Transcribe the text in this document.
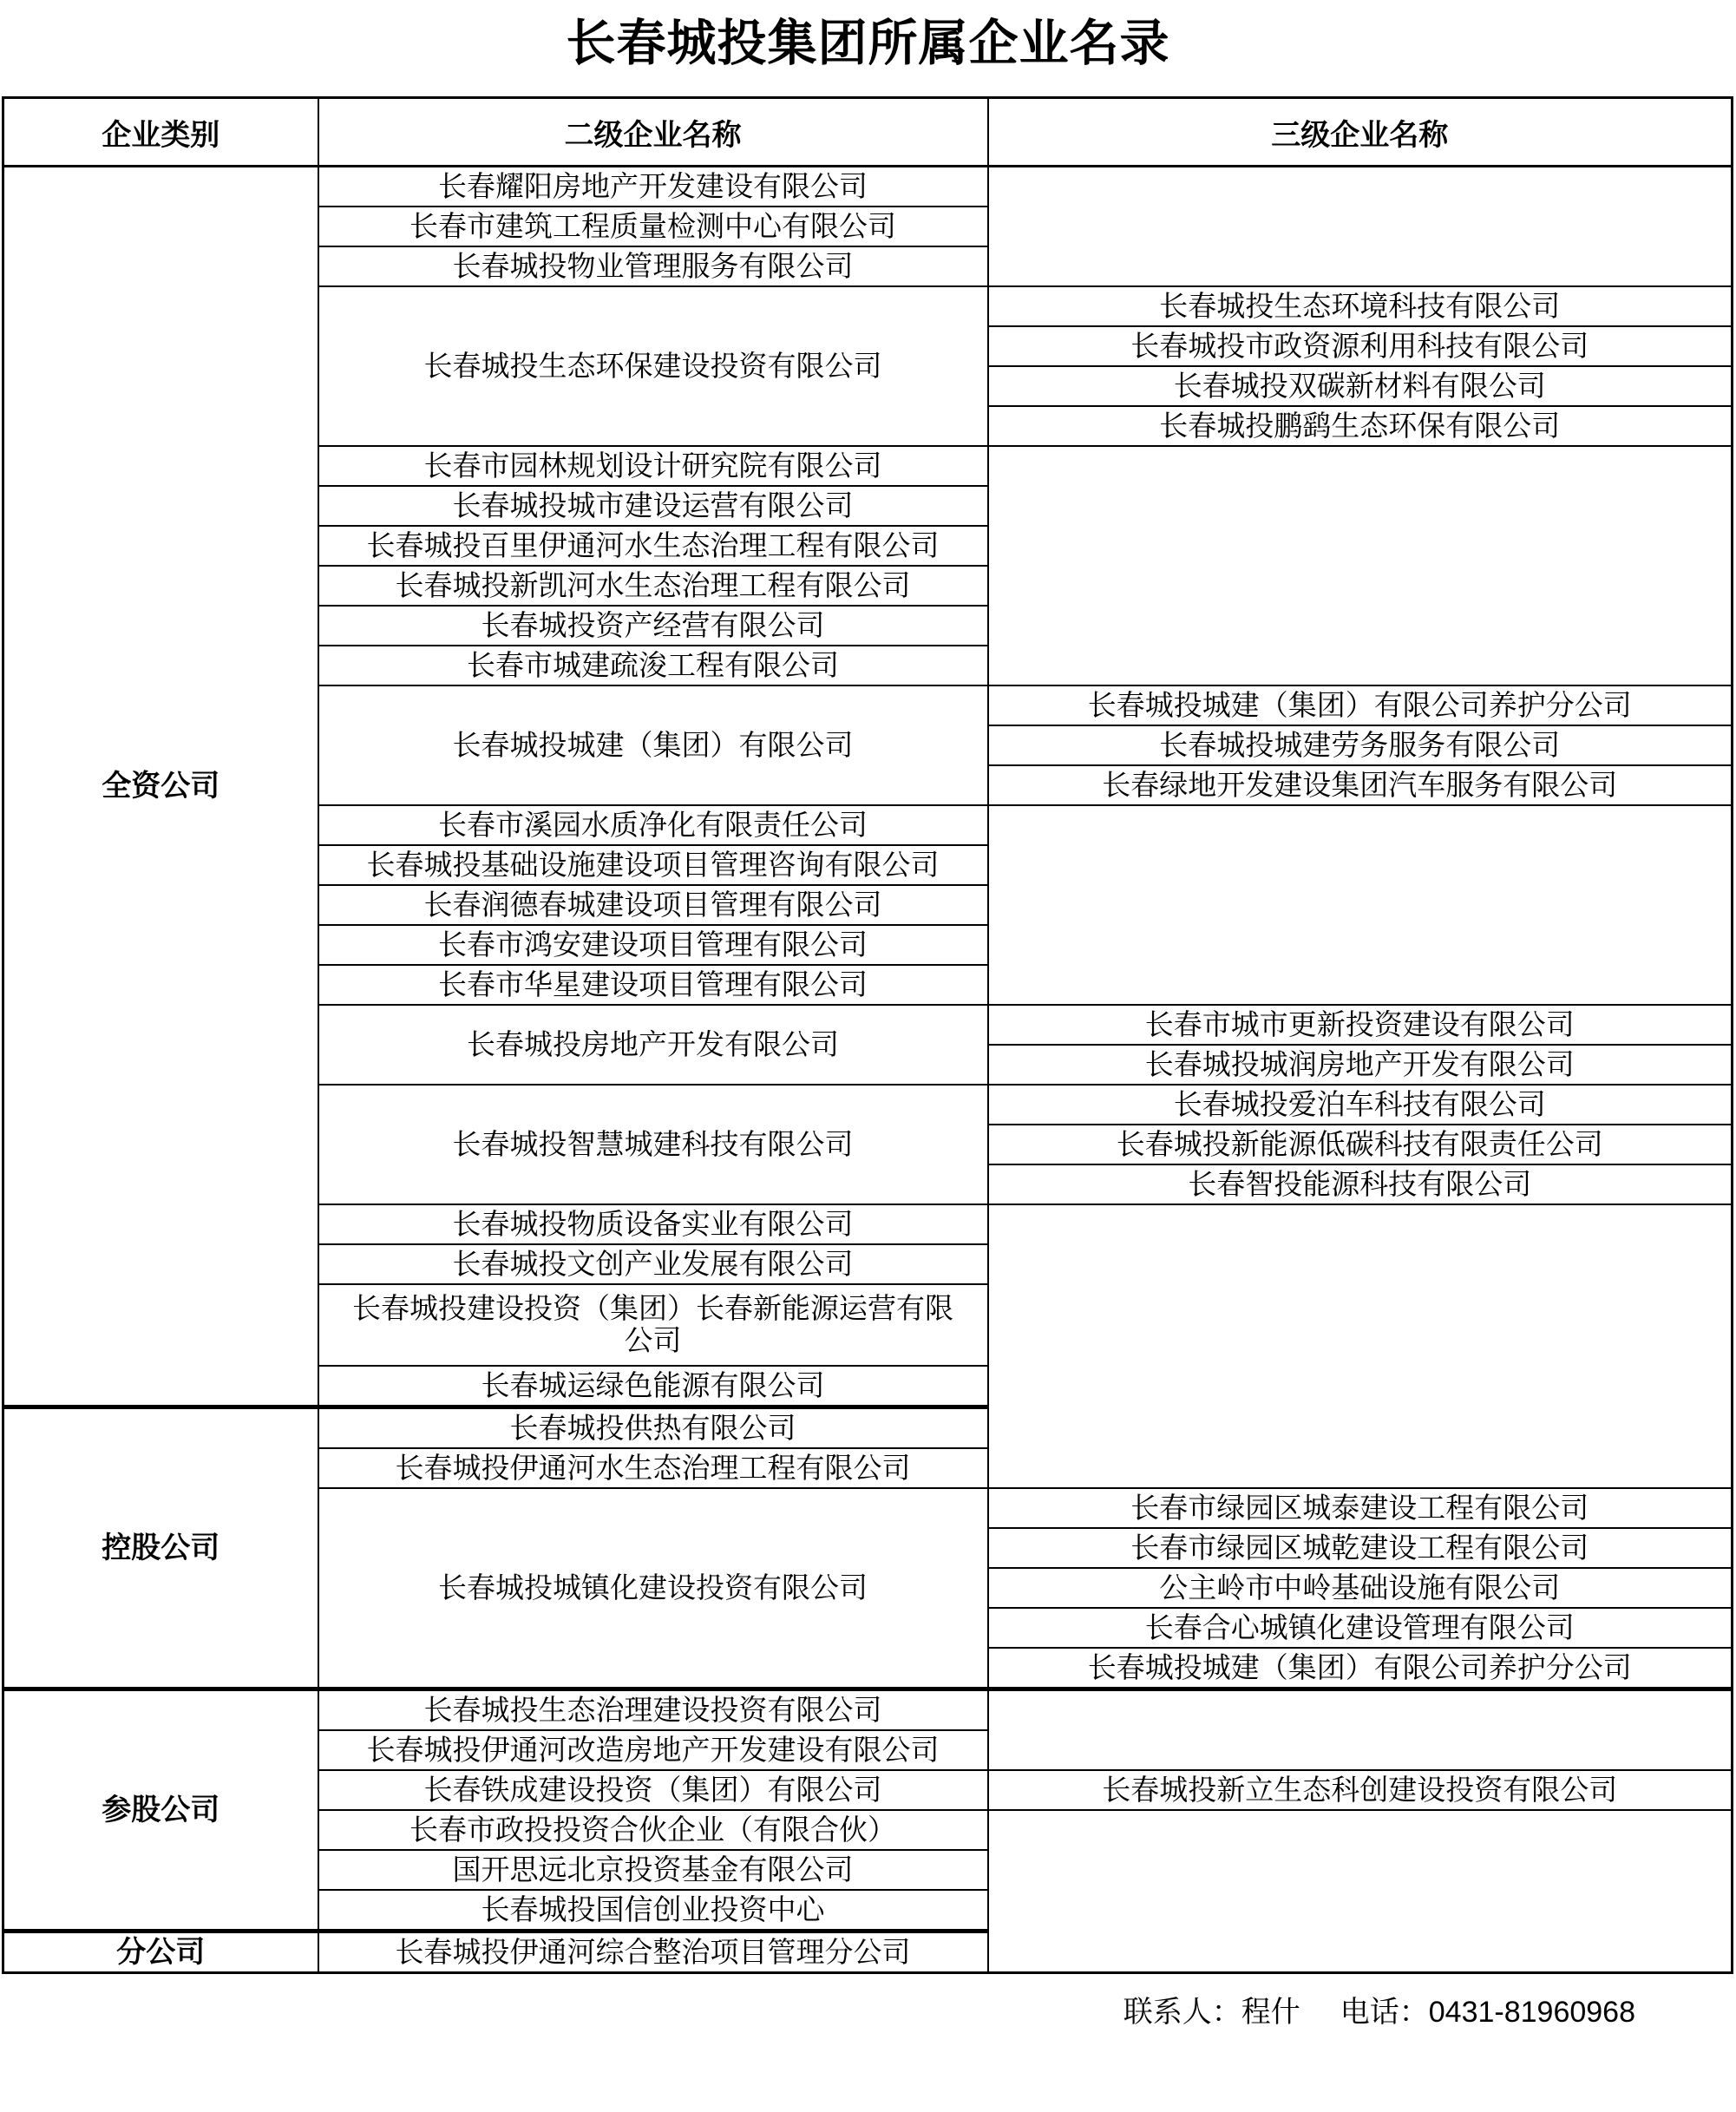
长春城投集团所属企业名录
企业类别	二级企业名称	三级企业名称
全资公司	长春耀阳房地产开发建设有限公司	
	长春市建筑工程质量检测中心有限公司	
	长春城投物业管理服务有限公司	
	长春城投生态环保建设投资有限公司	长春城投生态环境科技有限公司
		长春城投市政资源利用科技有限公司
		长春城投双碳新材料有限公司
		长春城投鹏鹞生态环保有限公司
	长春市园林规划设计研究院有限公司	
	长春城投城市建设运营有限公司	
	长春城投百里伊通河水生态治理工程有限公司	
	长春城投新凯河水生态治理工程有限公司	
	长春城投资产经营有限公司	
	长春市城建疏浚工程有限公司	
	长春城投城建（集团）有限公司	长春城投城建（集团）有限公司养护分公司
		长春城投城建劳务服务有限公司
		长春绿地开发建设集团汽车服务有限公司
	长春市溪园水质净化有限责任公司	
	长春城投基础设施建设项目管理咨询有限公司	
	长春润德春城建设项目管理有限公司	
	长春市鸿安建设项目管理有限公司	
	长春市华星建设项目管理有限公司	
	长春城投房地产开发有限公司	长春市城市更新投资建设有限公司
		长春城投城润房地产开发有限公司
	长春城投智慧城建科技有限公司	长春城投爱泊车科技有限公司
		长春城投新能源低碳科技有限责任公司
		长春智投能源科技有限公司
	长春城投物质设备实业有限公司	
	长春城投文创产业发展有限公司	
	长春城投建设投资（集团）长春新能源运营有限公司	
	长春城运绿色能源有限公司	
控股公司	长春城投供热有限公司	
	长春城投伊通河水生态治理工程有限公司	
	长春城投城镇化建设投资有限公司	长春市绿园区城泰建设工程有限公司
		长春市绿园区城乾建设工程有限公司
		公主岭市中岭基础设施有限公司
		长春合心城镇化建设管理有限公司
		长春城投城建（集团）有限公司养护分公司
参股公司	长春城投生态治理建设投资有限公司	
	长春城投伊通河改造房地产开发建设有限公司	
	长春铁成建设投资（集团）有限公司	长春城投新立生态科创建设投资有限公司
	长春市政投投资合伙企业（有限合伙）	
	国开思远北京投资基金有限公司	
	长春城投国信创业投资中心	
分公司	长春城投伊通河综合整治项目管理分公司	
联系人：程什 电话：0431-81960968
